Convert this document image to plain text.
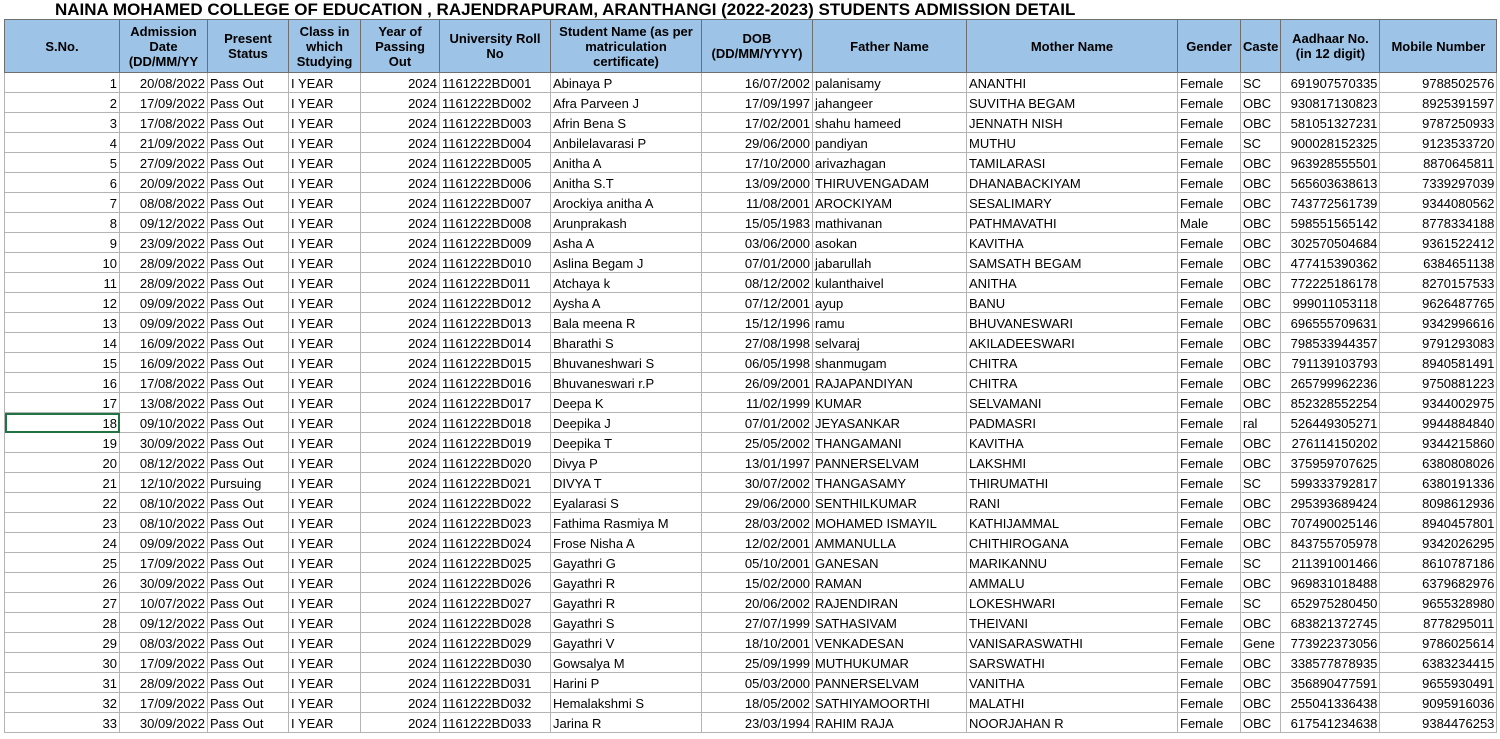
NAINA MOHAMED COLLEGE OF EDUCATION , RAJENDRAPURAM, ARANTHANGI (2022-2023) STUDENTS ADMISSION DETAIL
S.No.	Admission Date (DD/MM/YY	Present Status	Class in which Studying	Year of Passing Out	University Roll No	Student Name (as per matriculation certificate)	DOB (DD/MM/YYYY)	Father Name	Mother Name	Gender	Caste	Aadhaar No. (in 12 digit)	Mobile Number

1	20/08/2022	Pass Out	I YEAR	2024	1161222BD001	Abinaya P	16/07/2002	palanisamy	ANANTHI	Female	SC	691907570335	9788502576
2	17/09/2022	Pass Out	I YEAR	2024	1161222BD002	Afra Parveen J	17/09/1997	jahangeer	SUVITHA BEGAM	Female	OBC	930817130823	8925391597
3	17/08/2022	Pass Out	I YEAR	2024	1161222BD003	Afrin Bena S	17/02/2001	shahu hameed	JENNATH NISH	Female	OBC	581051327231	9787250933
4	21/09/2022	Pass Out	I YEAR	2024	1161222BD004	Anbilelavarasi P	29/06/2000	pandiyan	MUTHU	Female	SC	900028152325	9123533720
5	27/09/2022	Pass Out	I YEAR	2024	1161222BD005	Anitha A	17/10/2000	arivazhagan	TAMILARASI	Female	OBC	963928555501	8870645811
6	20/09/2022	Pass Out	I YEAR	2024	1161222BD006	Anitha S.T	13/09/2000	THIRUVENGADAM	DHANABACKIYAM	Female	OBC	565603638613	7339297039
7	08/08/2022	Pass Out	I YEAR	2024	1161222BD007	Arockiya anitha A	11/08/2001	AROCKIYAM	SESALIMARY	Female	OBC	743772561739	9344080562
8	09/12/2022	Pass Out	I YEAR	2024	1161222BD008	Arunprakash	15/05/1983	mathivanan	PATHMAVATHI	Male	OBC	598551565142	8778334188
9	23/09/2022	Pass Out	I YEAR	2024	1161222BD009	Asha A	03/06/2000	asokan	KAVITHA	Female	OBC	302570504684	9361522412
10	28/09/2022	Pass Out	I YEAR	2024	1161222BD010	Aslina Begam J	07/01/2000	jabarullah	SAMSATH BEGAM	Female	OBC	477415390362	6384651138
11	28/09/2022	Pass Out	I YEAR	2024	1161222BD011	Atchaya k	08/12/2002	kulanthaivel	ANITHA	Female	OBC	772225186178	8270157533
12	09/09/2022	Pass Out	I YEAR	2024	1161222BD012	Aysha A	07/12/2001	ayup	BANU	Female	OBC	999011053118	9626487765
13	09/09/2022	Pass Out	I YEAR	2024	1161222BD013	Bala meena R	15/12/1996	ramu	BHUVANESWARI	Female	OBC	696555709631	9342996616
14	16/09/2022	Pass Out	I YEAR	2024	1161222BD014	Bharathi S	27/08/1998	selvaraj	AKILADEESWARI	Female	OBC	798533944357	9791293083
15	16/09/2022	Pass Out	I YEAR	2024	1161222BD015	Bhuvaneshwari S	06/05/1998	shanmugam	CHITRA	Female	OBC	791139103793	8940581491
16	17/08/2022	Pass Out	I YEAR	2024	1161222BD016	Bhuvaneswari r.P	26/09/2001	RAJAPANDIYAN	CHITRA	Female	OBC	265799962236	9750881223
17	13/08/2022	Pass Out	I YEAR	2024	1161222BD017	Deepa K	11/02/1999	KUMAR	SELVAMANI	Female	OBC	852328552254	9344002975
18	09/10/2022	Pass Out	I YEAR	2024	1161222BD018	Deepika J	07/01/2002	JEYASANKAR	PADMASRI	Female	ral	526449305271	9944884840
19	30/09/2022	Pass Out	I YEAR	2024	1161222BD019	Deepika T	25/05/2002	THANGAMANI	KAVITHA	Female	OBC	276114150202	9344215860
20	08/12/2022	Pass Out	I YEAR	2024	1161222BD020	Divya P	13/01/1997	PANNERSELVAM	LAKSHMI	Female	OBC	375959707625	6380808026
21	12/10/2022	Pursuing	I YEAR	2024	1161222BD021	DIVYA T	30/07/2002	THANGASAMY	THIRUMATHI	Female	SC	599333792817	6380191336
22	08/10/2022	Pass Out	I YEAR	2024	1161222BD022	Eyalarasi S	29/06/2000	SENTHILKUMAR	RANI	Female	OBC	295393689424	8098612936
23	08/10/2022	Pass Out	I YEAR	2024	1161222BD023	Fathima Rasmiya M	28/03/2002	MOHAMED ISMAYIL	KATHIJAMMAL	Female	OBC	707490025146	8940457801
24	09/09/2022	Pass Out	I YEAR	2024	1161222BD024	Frose Nisha A	12/02/2001	AMMANULLA	CHITHIROGANA	Female	OBC	843755705978	9342026295
25	17/09/2022	Pass Out	I YEAR	2024	1161222BD025	Gayathri G	05/10/2001	GANESAN	MARIKANNU	Female	SC	211391001466	8610787186
26	30/09/2022	Pass Out	I YEAR	2024	1161222BD026	Gayathri R	15/02/2000	RAMAN	AMMALU	Female	OBC	969831018488	6379682976
27	10/07/2022	Pass Out	I YEAR	2024	1161222BD027	Gayathri R	20/06/2002	RAJENDIRAN	LOKESHWARI	Female	SC	652975280450	9655328980
28	09/12/2022	Pass Out	I YEAR	2024	1161222BD028	Gayathri S	27/07/1999	SATHASIVAM	THEIVANI	Female	OBC	683821372745	8778295011
29	08/03/2022	Pass Out	I YEAR	2024	1161222BD029	Gayathri V	18/10/2001	VENKADESAN	VANISARASWATHI	Female	Gene	773922373056	9786025614
30	17/09/2022	Pass Out	I YEAR	2024	1161222BD030	Gowsalya M	25/09/1999	MUTHUKUMAR	SARSWATHI	Female	OBC	338577878935	6383234415
31	28/09/2022	Pass Out	I YEAR	2024	1161222BD031	Harini P	05/03/2000	PANNERSELVAM	VANITHA	Female	OBC	356890477591	9655930491
32	17/09/2022	Pass Out	I YEAR	2024	1161222BD032	Hemalakshmi S	18/05/2002	SATHIYAMOORTHI	MALATHI	Female	OBC	255041336438	9095916036
33	30/09/2022	Pass Out	I YEAR	2024	1161222BD033	Jarina R	23/03/1994	RAHIM RAJA	NOORJAHAN R	Female	OBC	617541234638	9384476253
